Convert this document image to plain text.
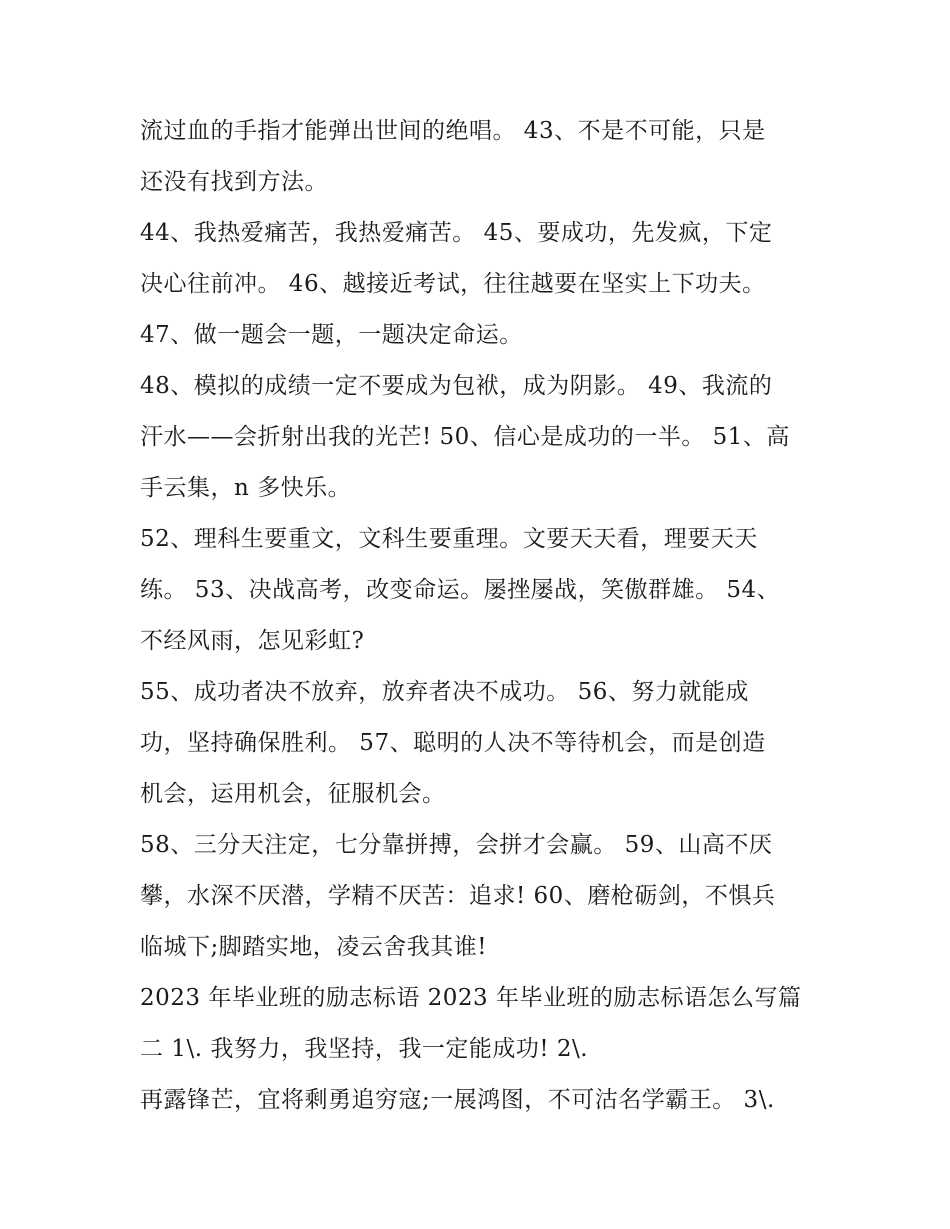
流过血的手指才能弹出世间的绝唱。 43、不是不可能，只是
还没有找到方法。
44、我热爱痛苦，我热爱痛苦。 45、要成功，先发疯，下定
决心往前冲。 46、越接近考试，往往越要在坚实上下功夫。
47、做一题会一题，一题决定命运。
48、模拟的成绩一定不要成为包袱，成为阴影。 49、我流的
汗水——会折射出我的光芒! 50、信心是成功的一半。 51、高
手云集，n 多快乐。
52、理科生要重文，文科生要重理。文要天天看，理要天天
练。 53、决战高考，改变命运。屡挫屡战，笑傲群雄。 54、
不经风雨，怎见彩虹?
55、成功者决不放弃，放弃者决不成功。 56、努力就能成
功，坚持确保胜利。 57、聪明的人决不等待机会，而是创造
机会，运用机会，征服机会。
58、三分天注定，七分靠拼搏，会拼才会赢。 59、山高不厌
攀，水深不厌潜，学精不厌苦：追求! 60、磨枪砺剑，不惧兵
临城下;脚踏实地，凌云舍我其谁!
2023 年毕业班的励志标语 2023 年毕业班的励志标语怎么写篇
二 1\. 我努力，我坚持，我一定能成功! 2\.
再露锋芒，宜将剩勇追穷寇;一展鸿图，不可沽名学霸王。 3\.
